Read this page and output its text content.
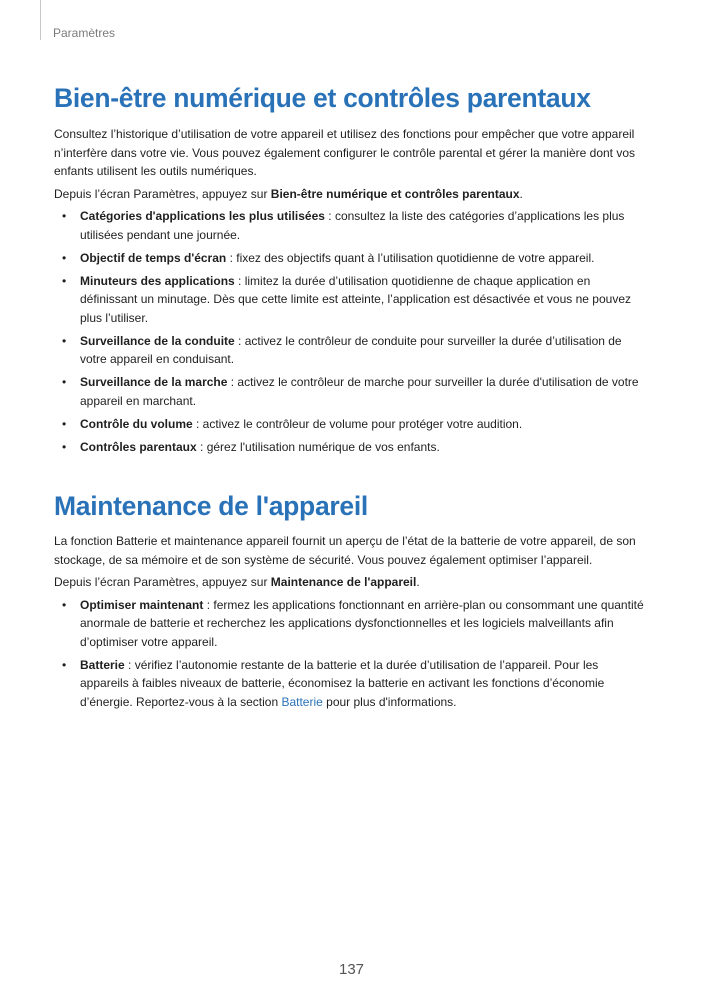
Paramètres
Bien-être numérique et contrôles parentaux

Consultez l’historique d’utilisation de votre appareil et utilisez des fonctions pour empêcher que votre appareil n’interfère dans votre vie. Vous pouvez également configurer le contrôle parental et gérer la manière dont vos enfants utilisent les outils numériques.

Depuis l’écran Paramètres, appuyez sur Bien-être numérique et contrôles parentaux.

• Catégories d'applications les plus utilisées : consultez la liste des catégories d’applications les plus utilisées pendant une journée.
• Objectif de temps d'écran : fixez des objectifs quant à l’utilisation quotidienne de votre appareil.
• Minuteurs des applications : limitez la durée d’utilisation quotidienne de chaque application en définissant un minutage. Dès que cette limite est atteinte, l’application est désactivée et vous ne pouvez plus l’utiliser.
• Surveillance de la conduite : activez le contrôleur de conduite pour surveiller la durée d’utilisation de votre appareil en conduisant.
• Surveillance de la marche : activez le contrôleur de marche pour surveiller la durée d'utilisation de votre appareil en marchant.
• Contrôle du volume : activez le contrôleur de volume pour protéger votre audition.
• Contrôles parentaux : gérez l'utilisation numérique de vos enfants.
Maintenance de l'appareil

La fonction Batterie et maintenance appareil fournit un aperçu de l’état de la batterie de votre appareil, de son stockage, de sa mémoire et de son système de sécurité. Vous pouvez également optimiser l’appareil.

Depuis l’écran Paramètres, appuyez sur Maintenance de l'appareil.

• Optimiser maintenant : fermez les applications fonctionnant en arrière-plan ou consommant une quantité anormale de batterie et recherchez les applications dysfonctionnelles et les logiciels malveillants afin d’optimiser votre appareil.
• Batterie : vérifiez l’autonomie restante de la batterie et la durée d’utilisation de l’appareil. Pour les appareils à faibles niveaux de batterie, économisez la batterie en activant les fonctions d’économie d’énergie. Reportez-vous à la section Batterie pour plus d'informations.
137
